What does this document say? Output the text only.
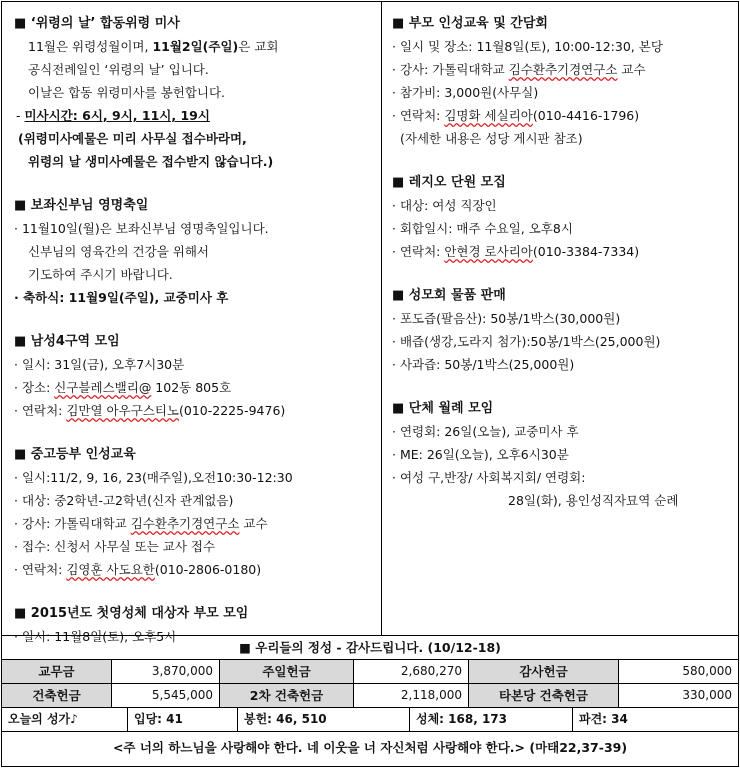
■ ‘위령의 날’ 합동위령 미사
11월은 위령성월이며, 11월2일(주일)은 교회
공식전례일인 ‘위령의 날’ 입니다.
이날은 합동 위령미사를 봉헌합니다.
- 미사시간: 6시, 9시, 11시, 19시
(위령미사예물은 미리 사무실 접수바라며,
위령의 날 생미사예물은 접수받지 않습니다.)
■ 보좌신부님 영명축일
· 11월10일(월)은 보좌신부님 영명축일입니다.
신부님의 영육간의 건강을 위해서
기도하여 주시기 바랍니다.
· 축하식: 11월9일(주일), 교중미사 후
■ 남성4구역 모임
· 일시: 31일(금), 오후7시30분
· 장소: 신구블레스밸리@ 102동 805호
· 연락처: 김만열 아우구스티노(010-2225-9476)
■ 중고등부 인성교육
· 일시:11/2, 9, 16, 23(매주일),오전10:30-12:30
· 대상: 중2학년-고2학년(신자 관계없음)
· 강사: 가톨릭대학교 김수환추기경연구소 교수
· 접수: 신청서 사무실 또는 교사 접수
· 연락처: 김영훈 사도요한(010-2806-0180)
■ 2015년도 첫영성체 대상자 부모 모임
· 일시: 11월8일(토), 오후5시
■ 부모 인성교육 및 간담회
· 일시 및 장소: 11월8일(토), 10:00-12:30, 본당
· 강사: 가톨릭대학교 김수환추기경연구소 교수
· 참가비: 3,000원(사무실)
· 연락처: 김명화 세실리아(010-4416-1796)
(자세한 내용은 성당 게시판 참조)
■ 레지오 단원 모집
· 대상: 여성 직장인
· 회합일시: 매주 수요일, 오후8시
· 연락처: 안현경 로사리아(010-3384-7334)
■ 성모회 물품 판매
· 포도즙(팔음산): 50봉/1박스(30,000원)
· 배즙(생강,도라지 첨가):50봉/1박스(25,000원)
· 사과즙: 50봉/1박스(25,000원)
■ 단체 월례 모임
· 연령회: 26일(오늘), 교중미사 후
· ME: 26일(오늘), 오후6시30분
· 여성 구,반장/ 사회복지회/ 연령회:
28일(화), 용인성직자묘역 순례
■ 우리들의 정성 - 감사드립니다. (10/12-18)
교무금	3,870,000	주일헌금	2,680,270	감사헌금	580,000
건축헌금	5,545,000	2차 건축헌금	2,118,000	타본당 건축헌금	330,000
오늘의 성가♪	입당: 41	봉헌: 46, 510	성체: 168, 173	파견: 34
<주 너의 하느님을 사랑해야 한다. 네 이웃을 너 자신처럼 사랑해야 한다.> (마태22,37-39)
